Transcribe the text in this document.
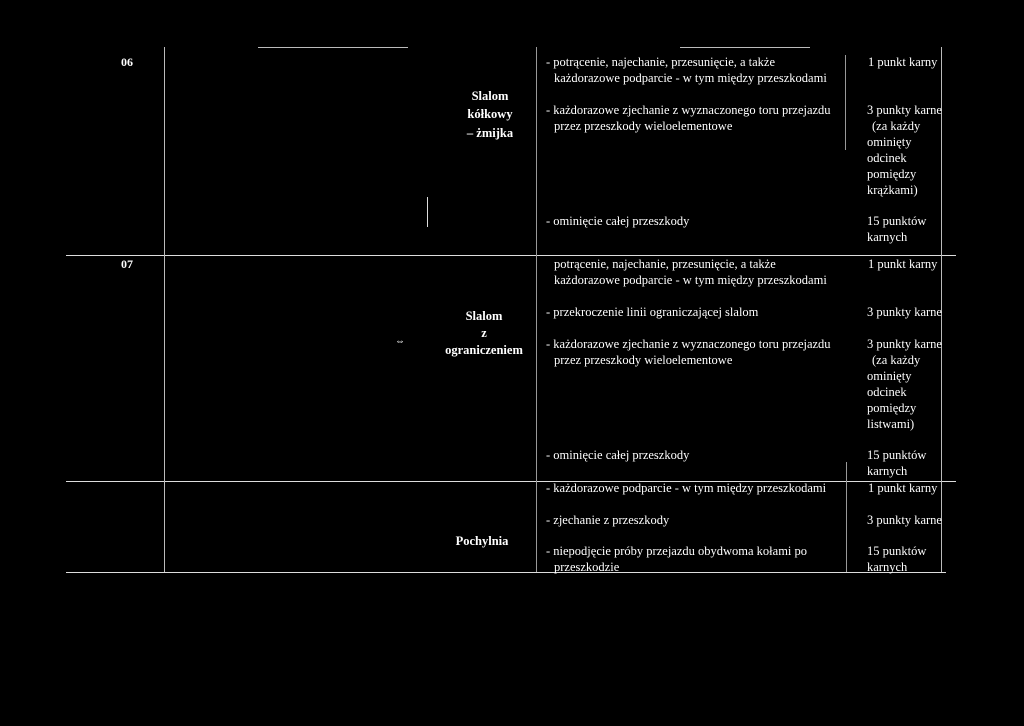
06
Slalom
kółkowy
– żmijka
- potrącenie, najechanie, przesunięcie, a także
każdorazowe podparcie - w tym między przeszkodami
- każdorazowe zjechanie z wyznaczonego toru przejazdu
przez przeszkody wieloelementowe
- ominięcie całej przeszkody
1 punkt karny
3 punkty karne
(za każdy
ominięty
odcinek
pomiędzy
krążkami)
15 punktów
karnych
07
⇔
Slalom
z
ograniczeniem
potrącenie, najechanie, przesunięcie, a także
każdorazowe podparcie - w tym między przeszkodami
- przekroczenie linii ograniczającej slalom
- każdorazowe zjechanie z wyznaczonego toru przejazdu
przez przeszkody wieloelementowe
- ominięcie całej przeszkody
1 punkt karny
3 punkty karne
3 punkty karne
(za każdy
ominięty
odcinek
pomiędzy
listwami)
15 punktów
karnych
Pochylnia
- każdorazowe podparcie - w tym między przeszkodami
- zjechanie z przeszkody
- niepodjęcie próby przejazdu obydwoma kołami po
przeszkodzie
1 punkt karny
3 punkty karne
15 punktów
karnych
